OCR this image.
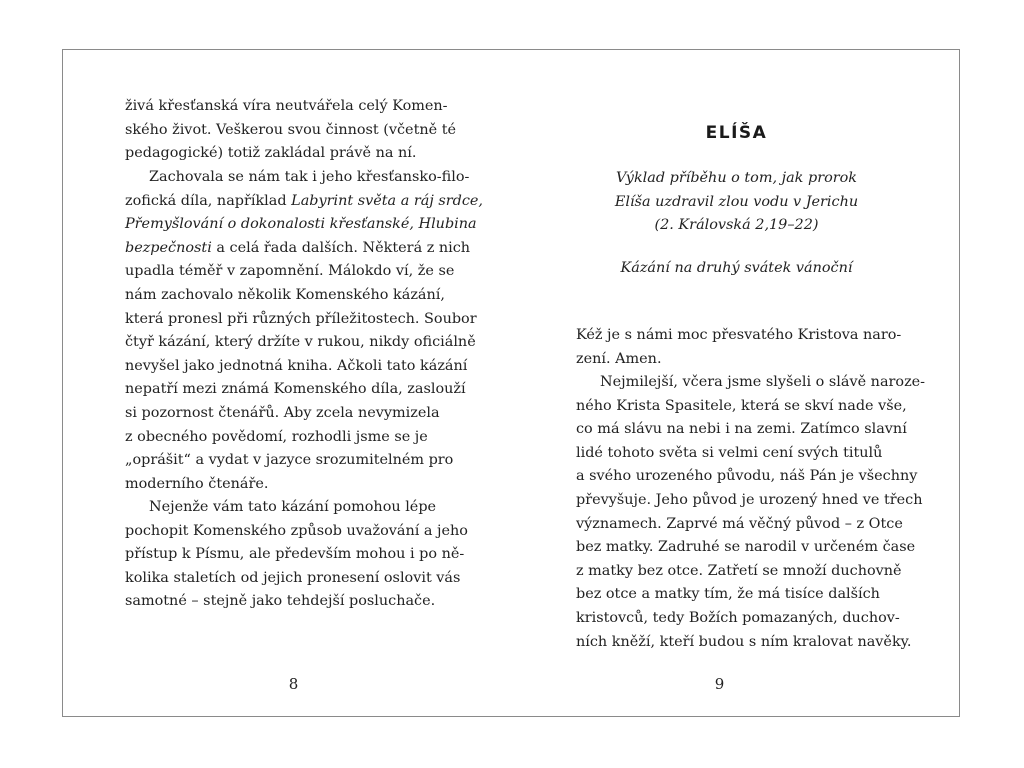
živá křesťanská víra neutvářela celý Komen-
ského život. Veškerou svou činnost (včetně té
pedagogické) totiž zakládal právě na ní.
Zachovala se nám tak i jeho křesťansko-filo-
zofická díla, například Labyrint světa a ráj srdce,
Přemyšlování o dokonalosti křesťanské, Hlubina
bezpečnosti a celá řada dalších. Některá z nich
upadla téměř v zapomnění. Málokdo ví, že se
nám zachovalo několik Komenského kázání,
která pronesl při různých příležitostech. Soubor
čtyř kázání, který držíte v rukou, nikdy oficiálně
nevyšel jako jednotná kniha. Ačkoli tato kázání
nepatří mezi známá Komenského díla, zaslouží
si pozornost čtenářů. Aby zcela nevymizela
z obecného povědomí, rozhodli jsme se je
„oprášit“ a vydat v jazyce srozumitelném pro
moderního čtenáře.
Nejenže vám tato kázání pomohou lépe
pochopit Komenského způsob uvažování a jeho
přístup k Písmu, ale především mohou i po ně-
kolika staletích od jejich pronesení oslovit vás
samotné – stejně jako tehdejší posluchače.
8
ELÍŠA
Výklad příběhu o tom, jak prorok
Elíša uzdravil zlou vodu v Jerichu
(2. Královská 2,19–22)
Kázání na druhý svátek vánoční
Kéž je s námi moc přesvatého Kristova naro-
zení. Amen.
Nejmilejší, včera jsme slyšeli o slávě naroze-
ného Krista Spasitele, která se skví nade vše,
co má slávu na nebi i na zemi. Zatímco slavní
lidé tohoto světa si velmi cení svých titulů
a svého urozeného původu, náš Pán je všechny
převyšuje. Jeho původ je urozený hned ve třech
významech. Zaprvé má věčný původ – z Otce
bez matky. Zadruhé se narodil v určeném čase
z matky bez otce. Zatřetí se množí duchovně
bez otce a matky tím, že má tisíce dalších
kristovců, tedy Božích pomazaných, duchov-
ních kněží, kteří budou s ním kralovat navěky.
9
